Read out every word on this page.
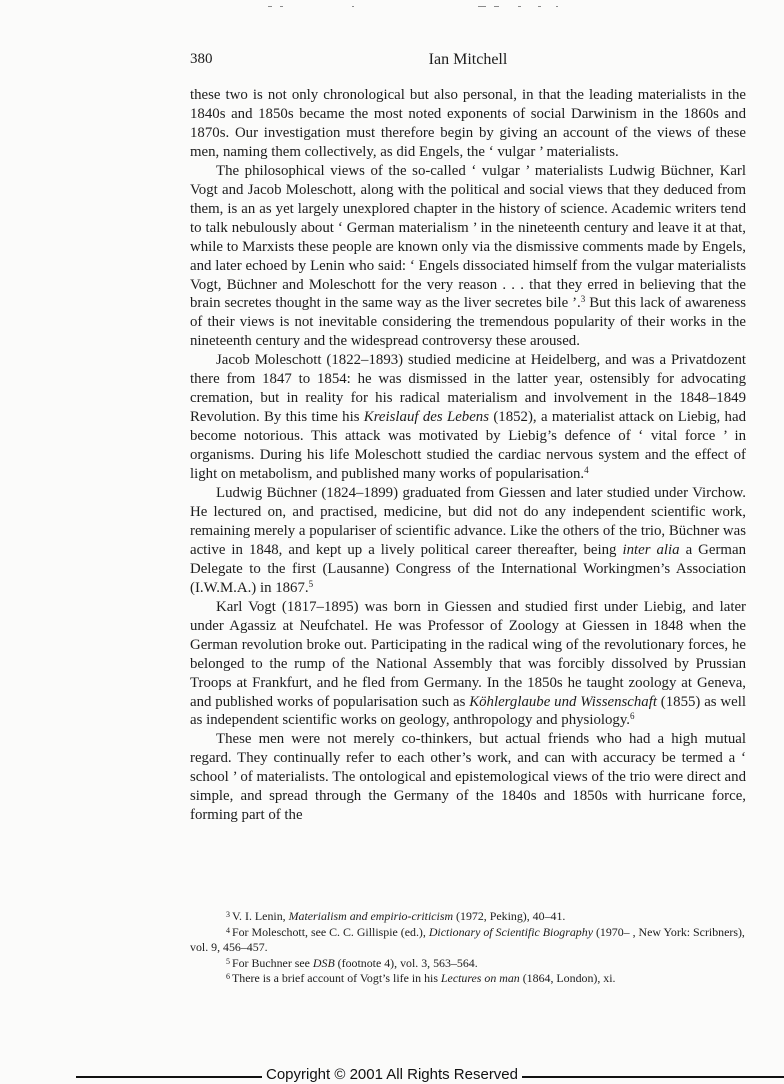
380	Ian Mitchell

these two is not only chronological but also personal, in that the leading materialists in the 1840s and 1850s became the most noted exponents of social Darwinism in the 1860s and 1870s. Our investigation must therefore begin by giving an account of the views of these men, naming them collectively, as did Engels, the ‘ vulgar ’ materialists.

The philosophical views of the so-called ‘ vulgar ’ materialists Ludwig Büchner, Karl Vogt and Jacob Moleschott, along with the political and social views that they deduced from them, is an as yet largely unexplored chapter in the history of science. Academic writers tend to talk nebulously about ‘ German materialism ’ in the nineteenth century and leave it at that, while to Marxists these people are known only via the dismissive comments made by Engels, and later echoed by Lenin who said: ‘ Engels dissociated himself from the vulgar materialists Vogt, Büchner and Moleschott for the very reason . . . that they erred in believing that the brain secretes thought in the same way as the liver secretes bile ’.$^3$ But this lack of awareness of their views is not inevitable considering the tremendous popularity of their works in the nineteenth century and the widespread controversy these aroused.

Jacob Moleschott (1822–1893) studied medicine at Heidelberg, and was a Privatdozent there from 1847 to 1854: he was dismissed in the latter year, ostensibly for advocating cremation, but in reality for his radical materialism and involvement in the 1848–1849 Revolution. By this time his Kreislauf des Lebens (1852), a materialist attack on Liebig, had become notorious. This attack was motivated by Liebig’s defence of ‘ vital force ’ in organisms. During his life Moleschott studied the cardiac nervous system and the effect of light on metabolism, and published many works of popularisation.$^4$

Ludwig Büchner (1824–1899) graduated from Giessen and later studied under Virchow. He lectured on, and practised, medicine, but did not do any independent scientific work, remaining merely a populariser of scientific advance. Like the others of the trio, Büchner was active in 1848, and kept up a lively political career thereafter, being inter alia a German Delegate to the first (Lausanne) Congress of the International Workingmen’s Association (I.W.M.A.) in 1867.$^5$

Karl Vogt (1817–1895) was born in Giessen and studied first under Liebig, and later under Agassiz at Neufchatel. He was Professor of Zoology at Giessen in 1848 when the German revolution broke out. Participating in the radical wing of the revolutionary forces, he belonged to the rump of the National Assembly that was forcibly dissolved by Prussian Troops at Frankfurt, and he fled from Germany. In the 1850s he taught zoology at Geneva, and published works of popularisation such as Köhlerglaube und Wissenschaft (1855) as well as independent scientific works on geology, anthropology and physiology.$^6$

These men were not merely co-thinkers, but actual friends who had a high mutual regard. They continually refer to each other’s work, and can with accuracy be termed a ‘ school ’ of materialists. The ontological and epistemological views of the trio were direct and simple, and spread through the Germany of the 1840s and 1850s with hurricane force, forming part of the

$^3$ V. I. Lenin, Materialism and empirio-criticism (1972, Peking), 40–41.

$^4$ For Moleschott, see C. C. Gillispie (ed.), Dictionary of Scientific Biography (1970– , New York: Scribners), vol. 9, 456–457.

$^5$ For Buchner see DSB (footnote 4), vol. 3, 563–564.

$^6$ There is a brief account of Vogt’s life in his Lectures on man (1864, London), xi.

Copyright © 2001 All Rights Reserved
